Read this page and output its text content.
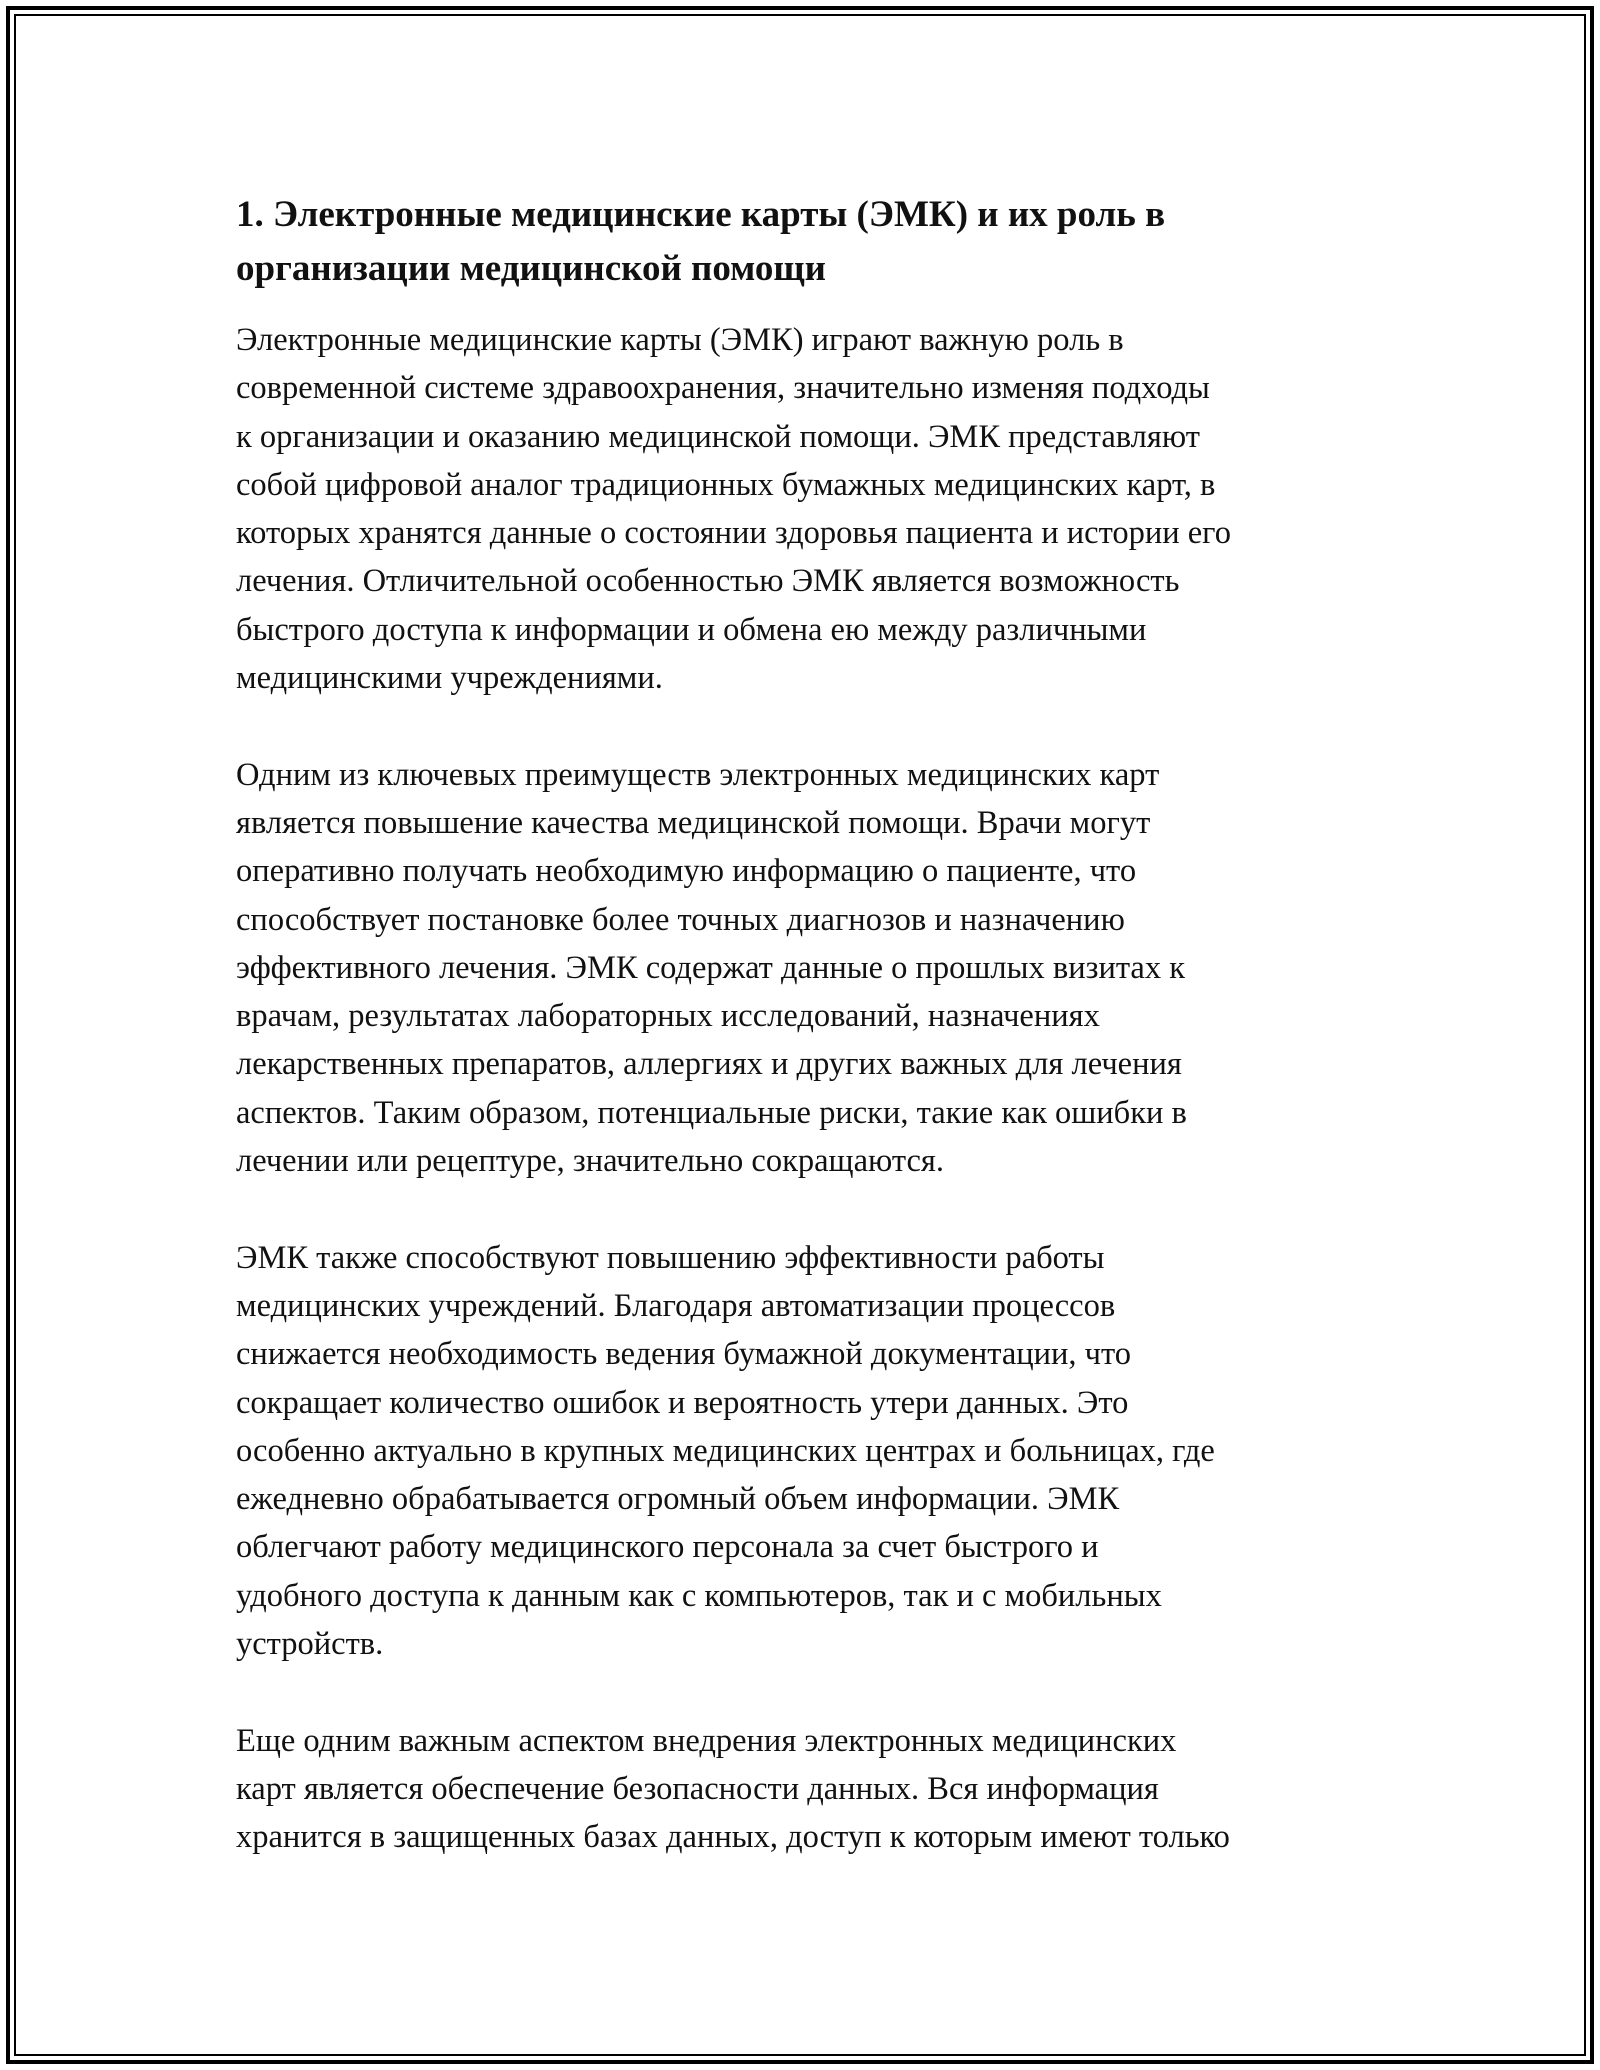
1. Электронные медицинские карты (ЭМК) и их роль в
организации медицинской помощи

Электронные медицинские карты (ЭМК) играют важную роль в
современной системе здравоохранения, значительно изменяя подходы
к организации и оказанию медицинской помощи. ЭМК представляют
собой цифровой аналог традиционных бумажных медицинских карт, в
которых хранятся данные о состоянии здоровья пациента и истории его
лечения. Отличительной особенностью ЭМК является возможность
быстрого доступа к информации и обмена ею между различными
медицинскими учреждениями.

Одним из ключевых преимуществ электронных медицинских карт
является повышение качества медицинской помощи. Врачи могут
оперативно получать необходимую информацию о пациенте, что
способствует постановке более точных диагнозов и назначению
эффективного лечения. ЭМК содержат данные о прошлых визитах к
врачам, результатах лабораторных исследований, назначениях
лекарственных препаратов, аллергиях и других важных для лечения
аспектов. Таким образом, потенциальные риски, такие как ошибки в
лечении или рецептуре, значительно сокращаются.

ЭМК также способствуют повышению эффективности работы
медицинских учреждений. Благодаря автоматизации процессов
снижается необходимость ведения бумажной документации, что
сокращает количество ошибок и вероятность утери данных. Это
особенно актуально в крупных медицинских центрах и больницах, где
ежедневно обрабатывается огромный объем информации. ЭМК
облегчают работу медицинского персонала за счет быстрого и
удобного доступа к данным как с компьютеров, так и с мобильных
устройств.

Еще одним важным аспектом внедрения электронных медицинских
карт является обеспечение безопасности данных. Вся информация
хранится в защищенных базах данных, доступ к которым имеют только
